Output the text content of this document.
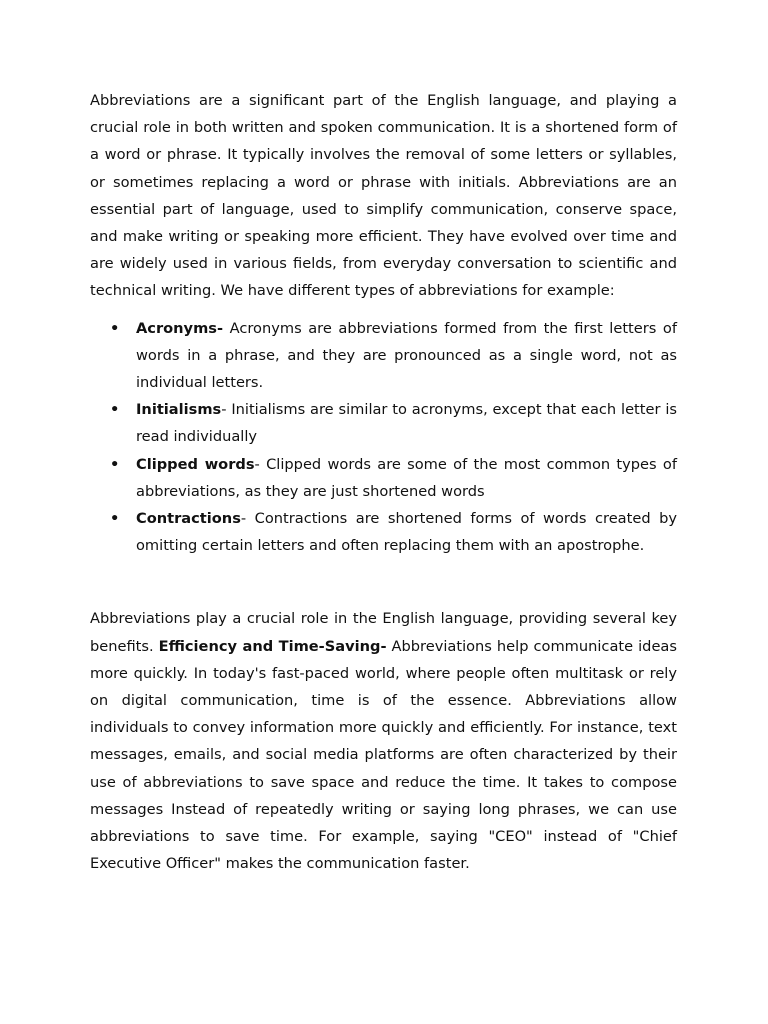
Abbreviations are a significant part of the English language, and playing a crucial role in both written and spoken communication. It is a shortened form of a word or phrase. It typically involves the removal of some letters or syllables, or sometimes replacing a word or phrase with initials. Abbreviations are an essential part of language, used to simplify communication, conserve space, and make writing or speaking more efficient. They have evolved over time and are widely used in various fields, from everyday conversation to scientific and technical writing. We have different types of abbreviations for example:

• Acronyms- Acronyms are abbreviations formed from the first letters of words in a phrase, and they are pronounced as a single word, not as individual letters.
• Initialisms- Initialisms are similar to acronyms, except that each letter is read individually
• Clipped words- Clipped words are some of the most common types of abbreviations, as they are just shortened words
• Contractions- Contractions are shortened forms of words created by omitting certain letters and often replacing them with an apostrophe.

Abbreviations play a crucial role in the English language, providing several key benefits. Efficiency and Time-Saving- Abbreviations help communicate ideas more quickly. In today's fast-paced world, where people often multitask or rely on digital communication, time is of the essence. Abbreviations allow individuals to convey information more quickly and efficiently. For instance, text messages, emails, and social media platforms are often characterized by their use of abbreviations to save space and reduce the time. It takes to compose messages Instead of repeatedly writing or saying long phrases, we can use abbreviations to save time. For example, saying "CEO" instead of "Chief Executive Officer" makes the communication faster.
